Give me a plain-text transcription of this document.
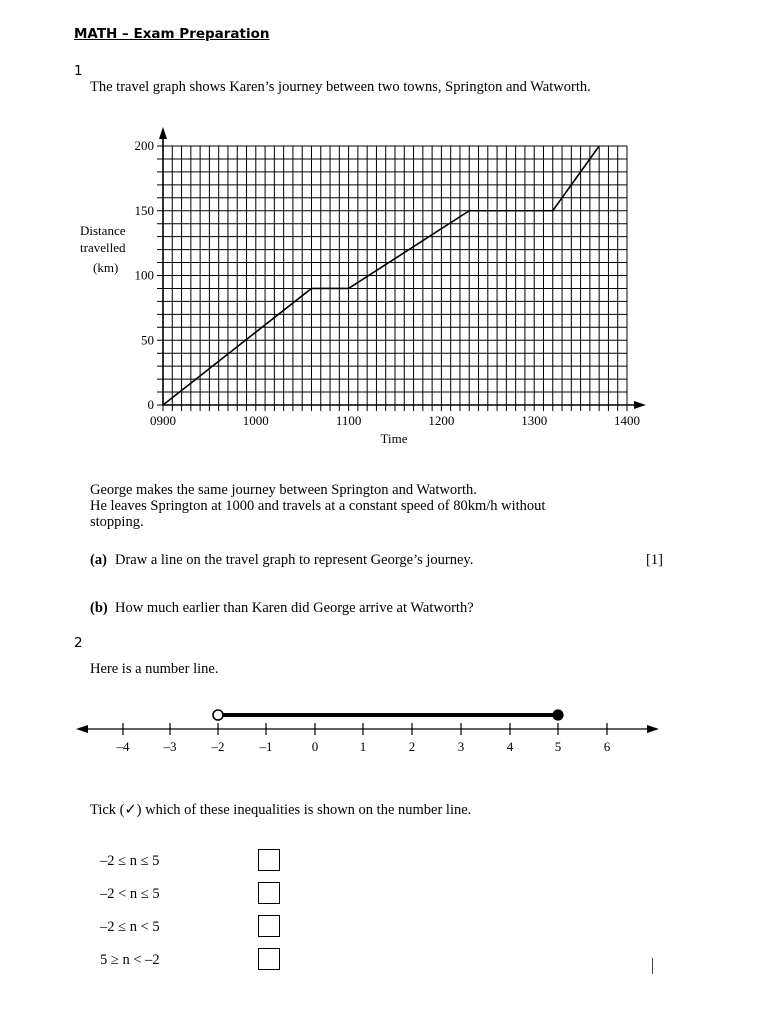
MATH – Exam Preparation
1
The travel graph shows Karen’s journey between two towns, Springton and Watworth.
0
50
100
150
200
0900	1000	1100	1200	1300	1400
Distance
travelled
(km)
Time
George makes the same journey between Springton and Watworth.
He leaves Springton at 1000 and travels at a constant speed of 80km/h without
stopping.
(a) Draw a line on the travel graph to represent George’s journey.	[1]
(b) How much earlier than Karen did George arrive at Watworth?
2
Here is a number line.
–4	–3	–2	–1	0	1	2	3	4	5	6
Tick (✓) which of these inequalities is shown on the number line.
–2 ≤ n ≤ 5
–2 < n ≤ 5
–2 ≤ n < 5
5 ≥ n < –2
